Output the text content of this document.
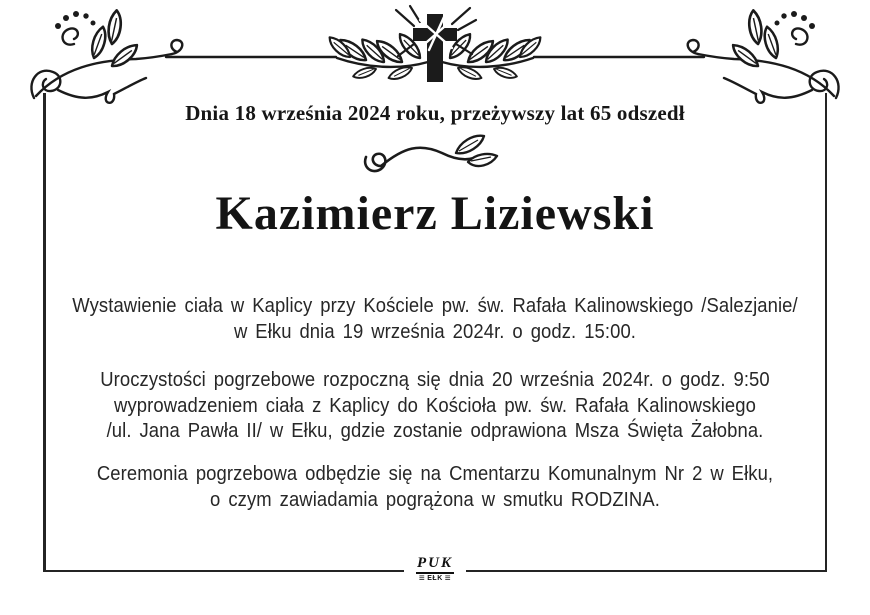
Dnia 18 września 2024 roku, przeżywszy lat 65 odszedł
Kazimierz Liziewski

Wystawienie ciała w Kaplicy przy Kościele pw. św. Rafała Kalinowskiego /Salezjanie/
w Ełku dnia 19 września 2024r. o godz. 15:00.

Uroczystości pogrzebowe rozpoczną się dnia 20 września 2024r. o godz. 9:50
wyprowadzeniem ciała z Kaplicy do Kościoła pw. św. Rafała Kalinowskiego
/ul. Jana Pawła II/ w Ełku, gdzie zostanie odprawiona Msza Święta Żałobna.

Ceremonia pogrzebowa odbędzie się na Cmentarzu Komunalnym Nr 2 w Ełku,
o czym zawiadamia pogrążona w smutku RODZINA.

PUK
≡ EŁK ≡
